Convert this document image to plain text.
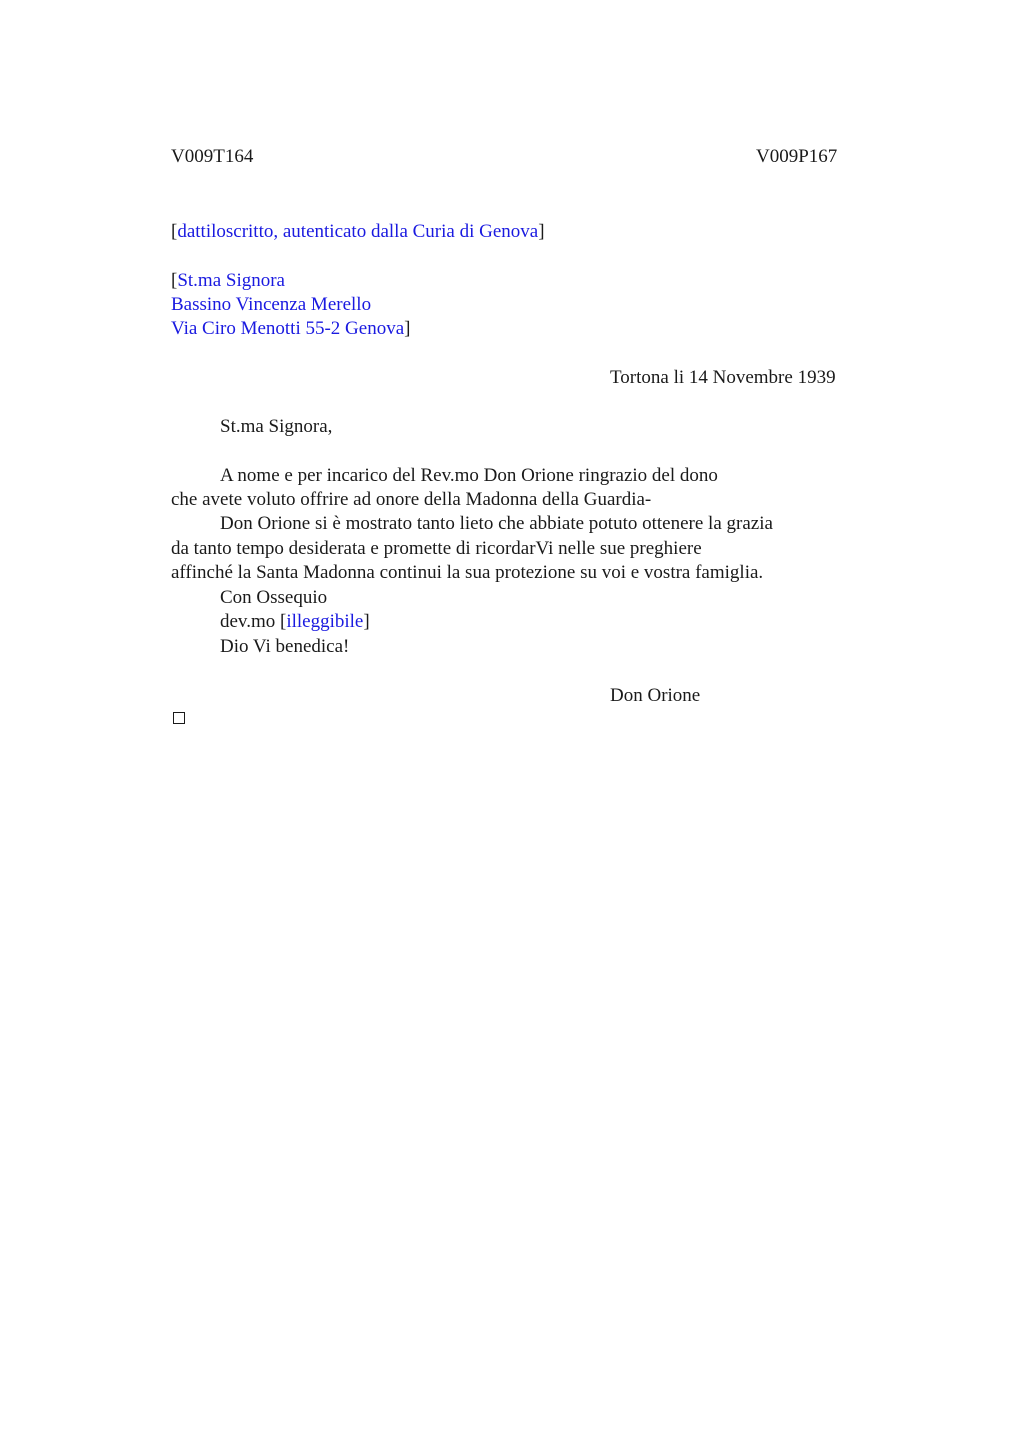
V009T164	V009P167
[dattiloscritto, autenticato dalla Curia di Genova]
[St.ma Signora
Bassino Vincenza Merello
Via Ciro Menotti 55-2 Genova]
Tortona li 14 Novembre 1939
St.ma Signora,
A nome e per incarico del Rev.mo Don Orione ringrazio del dono
che avete voluto offrire ad onore della Madonna della Guardia-
Don Orione si è mostrato tanto lieto che abbiate potuto ottenere la grazia
da tanto tempo desiderata e promette di ricordarVi nelle sue preghiere
affinché la Santa Madonna continui la sua protezione su voi e vostra famiglia.
Con Ossequio
dev.mo [illeggibile]
Dio Vi benedica!
Don Orione
